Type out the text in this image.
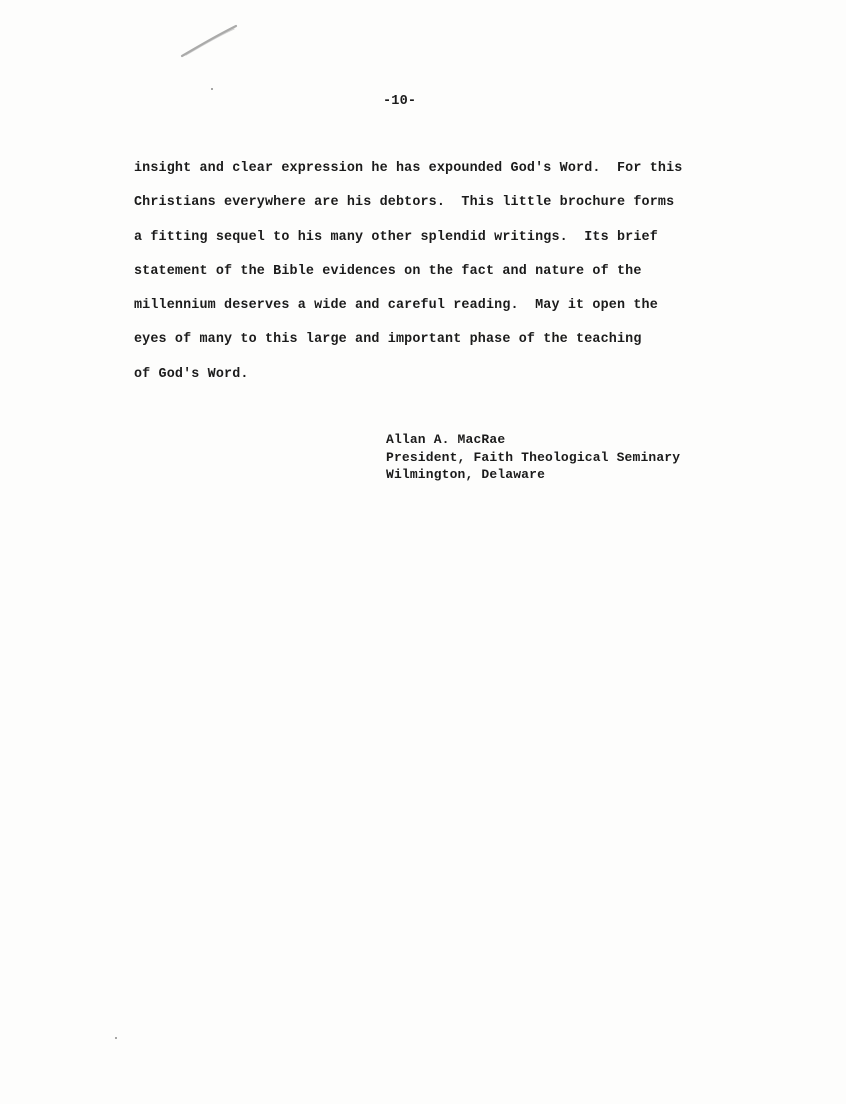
-10-
insight and clear expression he has expounded God's Word.  For this
Christians everywhere are his debtors.  This little brochure forms
a fitting sequel to his many other splendid writings.  Its brief
statement of the Bible evidences on the fact and nature of the
millennium deserves a wide and careful reading.  May it open the
eyes of many to this large and important phase of the teaching
of God's Word.
Allan A. MacRae
President, Faith Theological Seminary
Wilmington, Delaware
